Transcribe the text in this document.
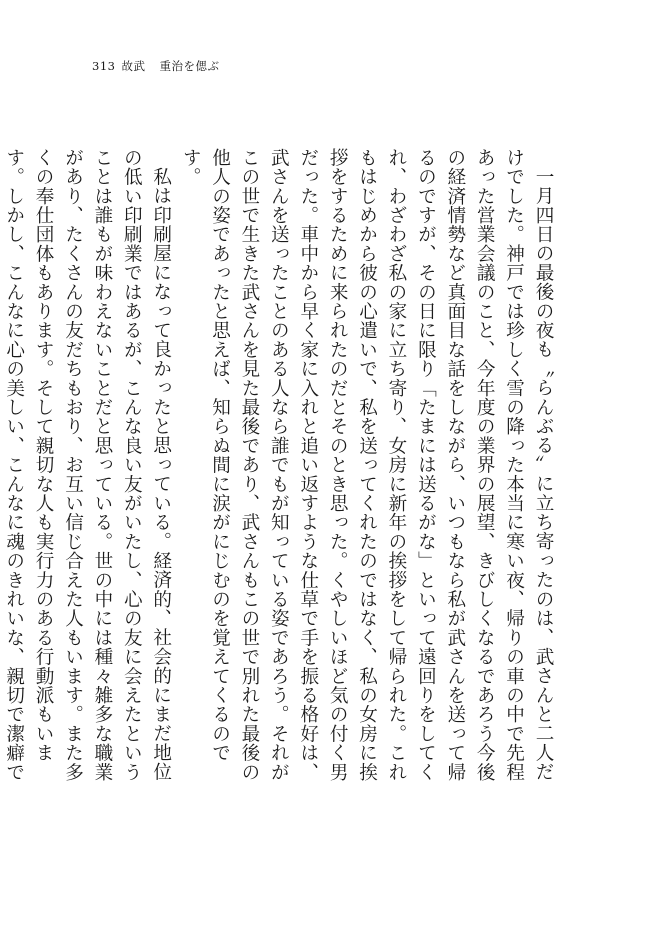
313 故武 重治を偲ぶ

一月四日の最後の夜も〝らんぶる〟に立ち寄ったのは、武さんと二人だけでした。神戸では珍しく雪の降った本当に寒い夜、帰りの車の中で先程あった営業会議のこと、今年度の業界の展望、きびしくなるであろう今後の経済情勢など真面目な話をしながら、いつもなら私が武さんを送って帰るのですが、その日に限り「たまには送るがな」といって遠回りをしてくれ、わざわざ私の家に立ち寄り、女房に新年の挨拶をして帰られた。これもはじめから彼の心遣いで、私を送ってくれたのではなく、私の女房に挨拶をするために来られたのだとそのとき思った。くやしいほど気の付く男だった。車中から早く家に入れと追い返すような仕草で手を振る格好は、武さんを送ったことのある人なら誰でもが知っている姿であろう。それがこの世で生きた武さんを見た最後であり、武さんもこの世で別れた最後の他人の姿であったと思えば、知らぬ間に涙がにじむのを覚えてくるのです。

私は印刷屋になって良かったと思っている。経済的、社会的にまだ地位の低い印刷業ではあるが、こんな良い友がいたし、心の友に会えたということは誰もが味わえないことだと思っている。世の中には種々雑多な職業があり、たくさんの友だちもおり、お互い信じ合えた人もいます。また多くの奉仕団体もあります。そして親切な人も実行力のある行動派もいます。しかし、こんなに心の美しい、こんなに魂のきれいな、親切で潔癖で
